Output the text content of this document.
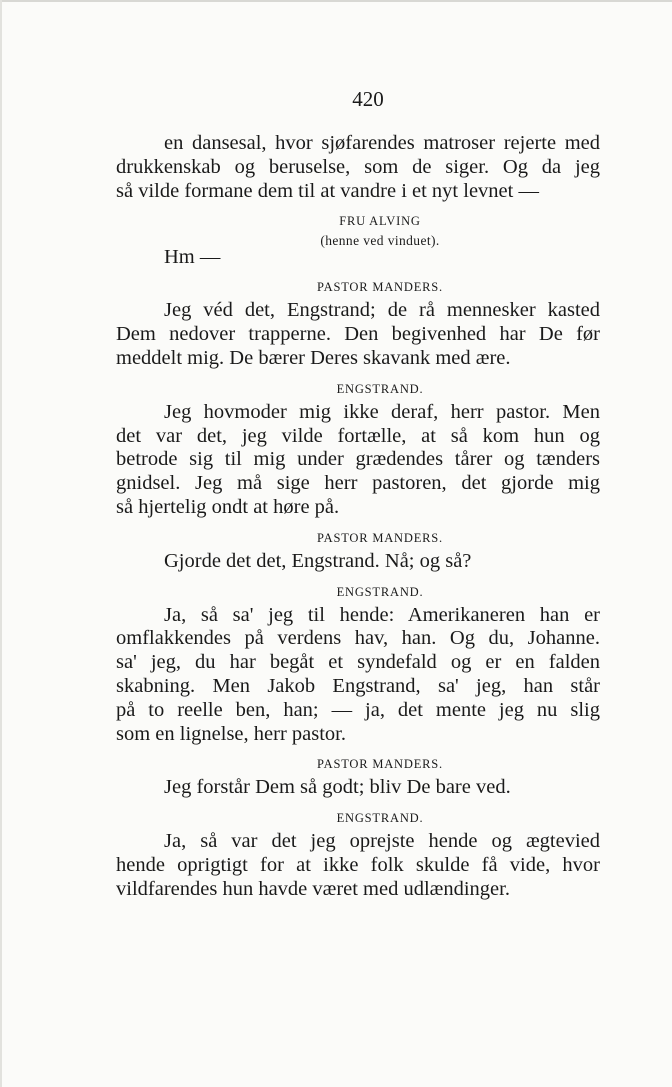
420
en dansesal, hvor sjøfarendes matroser rejerte med
drukkenskab og beruselse, som de siger. Og da jeg
så vilde formane dem til at vandre i et nyt levnet —
FRU ALVING
(henne ved vinduet).
Hm —
PASTOR MANDERS.
Jeg véd det, Engstrand; de rå mennesker kasted
Dem nedover trapperne. Den begivenhed har De før
meddelt mig. De bærer Deres skavank med ære.
ENGSTRAND.
Jeg hovmoder mig ikke deraf, herr pastor. Men
det var det, jeg vilde fortælle, at så kom hun og
betrode sig til mig under grædendes tårer og tænders
gnidsel. Jeg må sige herr pastoren, det gjorde mig
så hjertelig ondt at høre på.
PASTOR MANDERS.
Gjorde det det, Engstrand. Nå; og så?
ENGSTRAND.
Ja, så sa' jeg til hende: Amerikaneren han er
omflakkendes på verdens hav, han. Og du, Johanne.
sa' jeg, du har begåt et syndefald og er en falden
skabning. Men Jakob Engstrand, sa' jeg, han står
på to reelle ben, han; — ja, det mente jeg nu slig
som en lignelse, herr pastor.
PASTOR MANDERS.
Jeg forstår Dem så godt; bliv De bare ved.
ENGSTRAND.
Ja, så var det jeg oprejste hende og ægtevied
hende oprigtigt for at ikke folk skulde få vide, hvor
vildfarendes hun havde været med udlændinger.
